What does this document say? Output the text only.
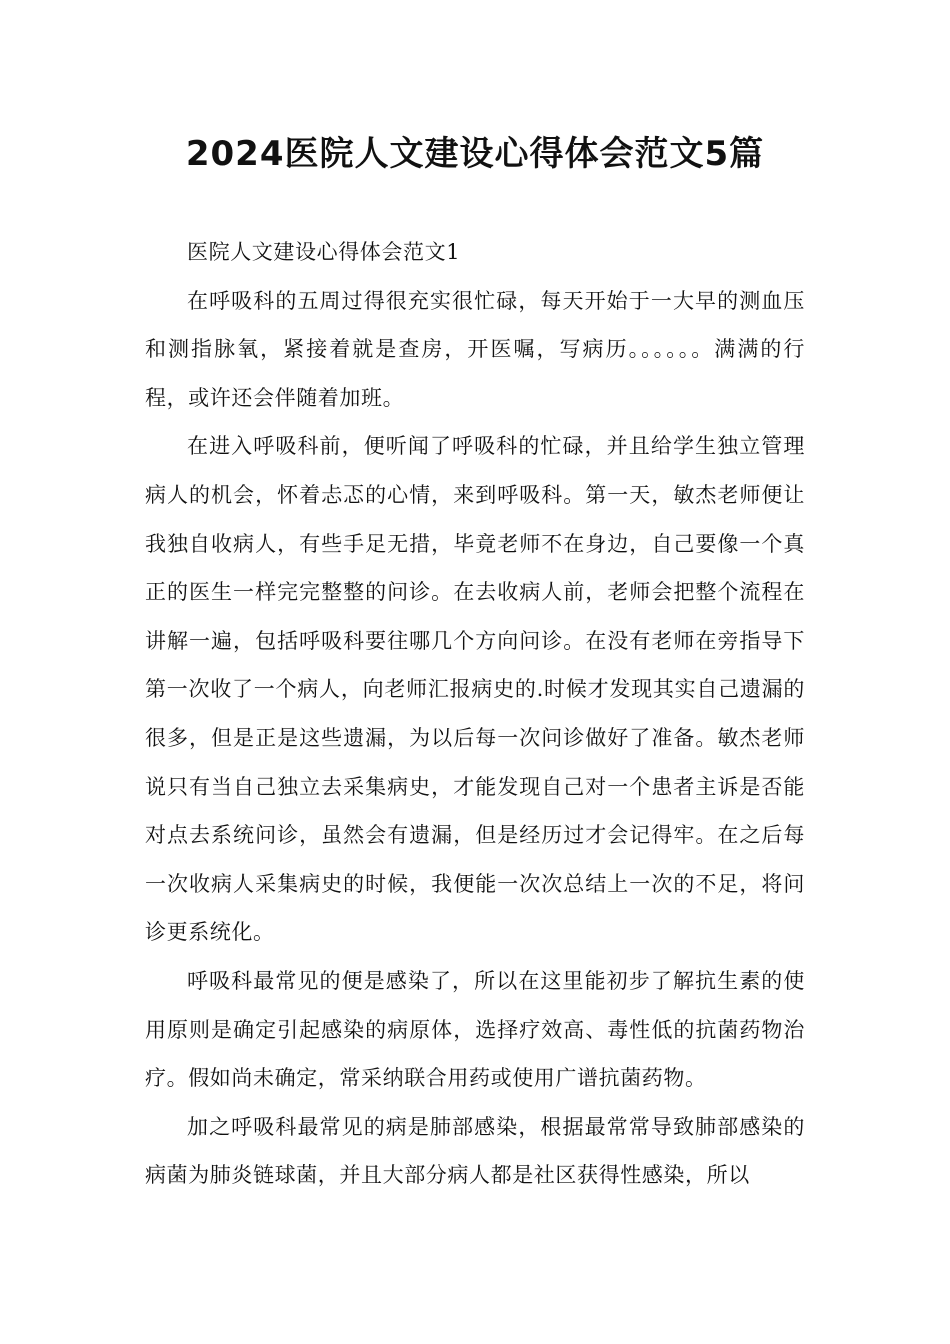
2024医院人文建设心得体会范文5篇

医院人文建设心得体会范文1

在呼吸科的五周过得很充实很忙碌，每天开始于一大早的测血压和测指脉氧，紧接着就是查房，开医嘱，写病历。。。。。。满满的行程，或许还会伴随着加班。

在进入呼吸科前，便听闻了呼吸科的忙碌，并且给学生独立管理病人的机会，怀着忐忑的心情，来到呼吸科。第一天，敏杰老师便让我独自收病人，有些手足无措，毕竟老师不在身边，自己要像一个真正的医生一样完完整整的问诊。在去收病人前，老师会把整个流程在讲解一遍，包括呼吸科要往哪几个方向问诊。在没有老师在旁指导下第一次收了一个病人，向老师汇报病史的.时候才发现其实自己遗漏的很多，但是正是这些遗漏，为以后每一次问诊做好了准备。敏杰老师说只有当自己独立去采集病史，才能发现自己对一个患者主诉是否能对点去系统问诊，虽然会有遗漏，但是经历过才会记得牢。在之后每一次收病人采集病史的时候，我便能一次次总结上一次的不足，将问诊更系统化。

呼吸科最常见的便是感染了，所以在这里能初步了解抗生素的使用原则是确定引起感染的病原体，选择疗效高、毒性低的抗菌药物治疗。假如尚未确定，常采纳联合用药或使用广谱抗菌药物。

加之呼吸科最常见的病是肺部感染，根据最常常导致肺部感染的病菌为肺炎链球菌，并且大部分病人都是社区获得性感染，所以
